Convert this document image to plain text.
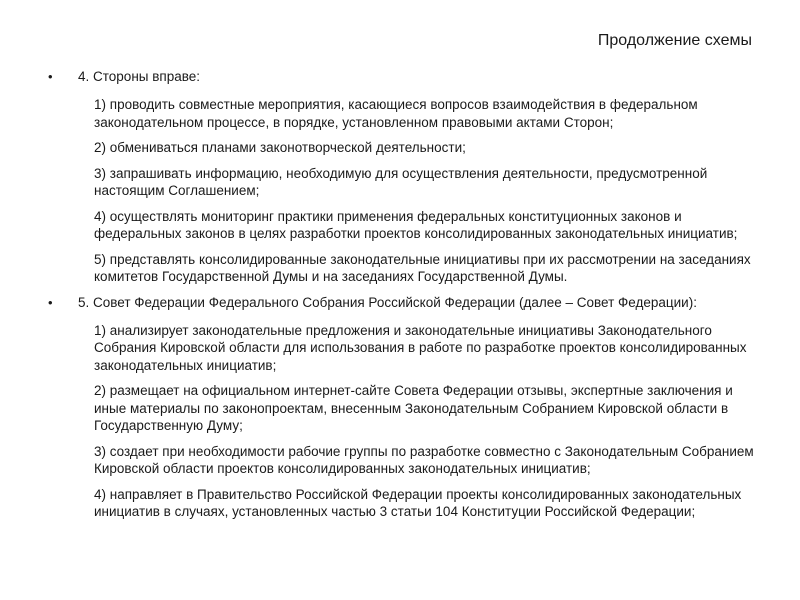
Продолжение схемы
• 4. Стороны вправе:

1) проводить совместные мероприятия, касающиеся вопросов взаимодействия в федеральном законодательном процессе, в порядке, установленном правовыми актами Сторон;

2) обмениваться планами законотворческой деятельности;

3) запрашивать информацию, необходимую для осуществления деятельности, предусмотренной настоящим Соглашением;

4) осуществлять мониторинг практики применения федеральных конституционных законов и федеральных законов в целях разработки проектов консолидированных законодательных инициатив;

5) представлять консолидированные законодательные инициативы при их рассмотрении на заседаниях комитетов Государственной Думы и на заседаниях Государственной Думы.

• 5. Совет Федерации Федерального Собрания Российской Федерации (далее – Совет Федерации):

1) анализирует законодательные предложения и законодательные инициативы Законодательного Собрания Кировской области для использования в работе по разработке проектов консолидированных законодательных инициатив;

2) размещает на официальном интернет-сайте Совета Федерации отзывы, экспертные заключения и иные материалы по законопроектам, внесенным Законодательным Собранием Кировской области в Государственную Думу;

3) создает при необходимости рабочие группы по разработке совместно с Законодательным Собранием Кировской области проектов консолидированных законодательных инициатив;

4) направляет в Правительство Российской Федерации проекты консолидированных законодательных инициатив в случаях, установленных частью 3 статьи 104 Конституции Российской Федерации;
